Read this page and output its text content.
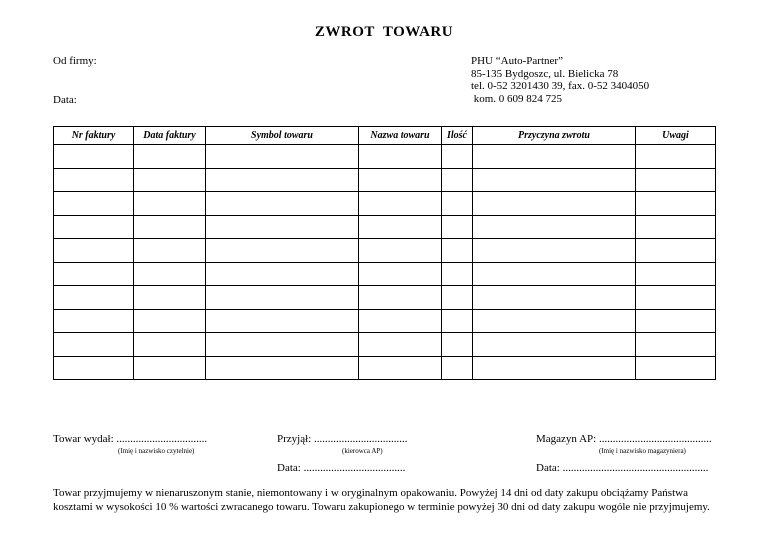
ZWROT  TOWARU
Od firmy:
Data:
PHU “Auto-Partner”
85-135 Bydgoszc, ul. Bielicka 78
tel. 0-52 3201430 39, fax. 0-52 3404050
kom. 0 609 824 725
Nr faktury	Data faktury	Symbol towaru	Nazwa towaru	Ilość	Przyczyna zwrotu	Uwagi

Towar wydał: .................................
(Imię i nazwisko czytelnie)
Przyjął: ..................................
(kierowca AP)
Data: .....................................
Magazyn AP: .........................................
(Imię i nazwisko magazyniera)
Data: .....................................................
Towar przyjmujemy w nienaruszonym stanie, niemontowany i w oryginalnym opakowaniu. Powyżej 14 dni od daty zakupu obciążamy Państwa
kosztami w wysokości 10 % wartości zwracanego towaru. Towaru zakupionego w terminie powyżej 30 dni od daty zakupu wogóle nie przyjmujemy.
